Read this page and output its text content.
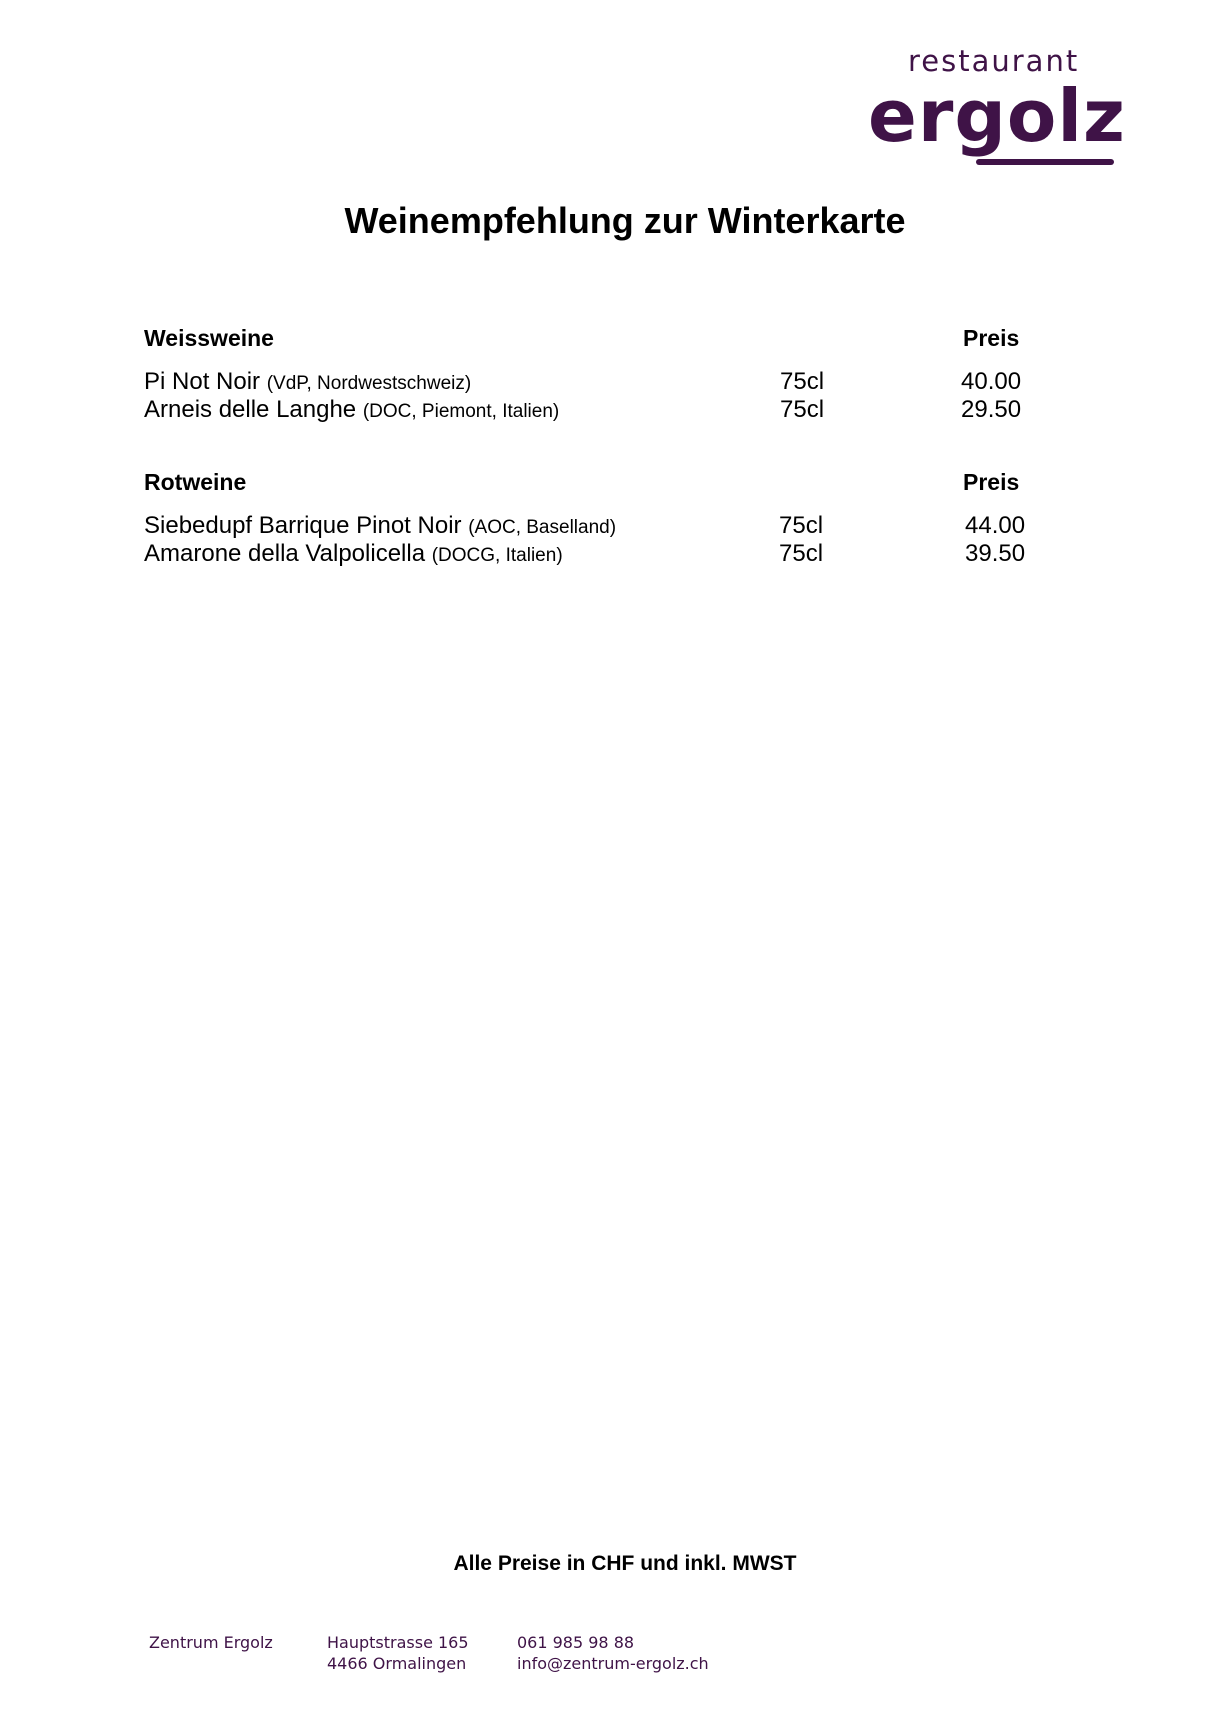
restaurant
ergolz
Weinempfehlung zur Winterkarte
Weissweine	Preis
Pi Not Noir (VdP, Nordwestschweiz)	75cl	40.00
Arneis delle Langhe (DOC, Piemont, Italien)	75cl	29.50
Rotweine	Preis
Siebedupf Barrique Pinot Noir (AOC, Baselland)	75cl	44.00
Amarone della Valpolicella (DOCG, Italien)	75cl	39.50
Alle Preise in CHF und inkl. MWST
Zentrum Ergolz	Hauptstrasse 165
4466 Ormalingen
061 985 98 88
info@zentrum-ergolz.ch
